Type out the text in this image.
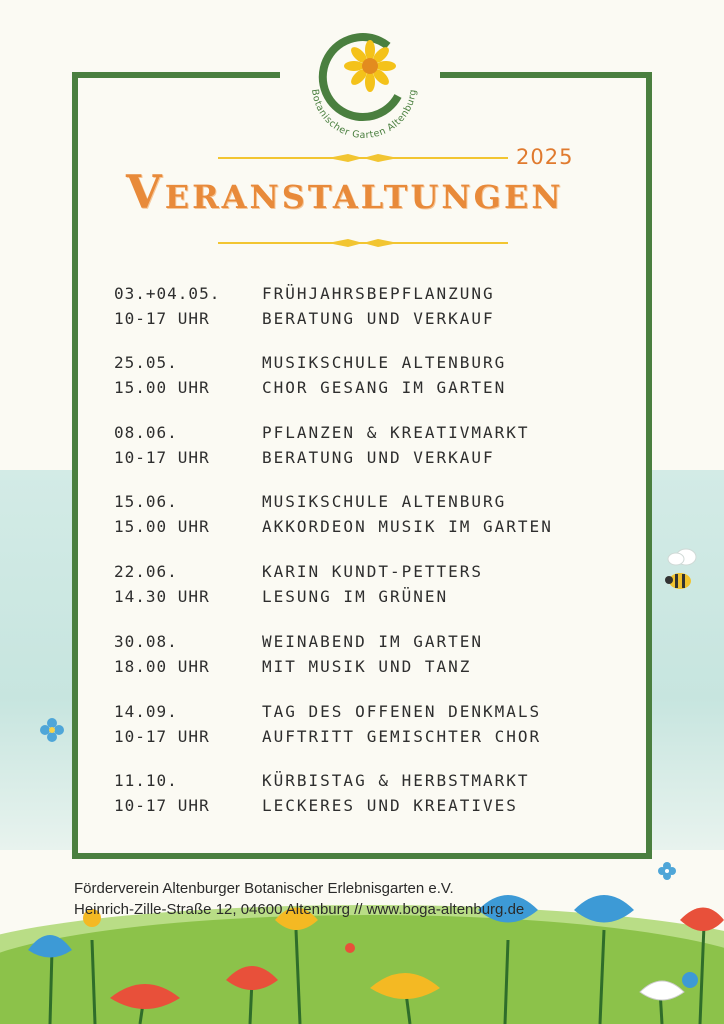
Botanischer Garten Altenburg
2025
Veranstaltungen
03.+04.05.
10-17 UHR
FRÜHJAHRSBEPFLANZUNG
BERATUNG UND VERKAUF
25.05.
15.00 UHR
MUSIKSCHULE ALTENBURG
CHOR GESANG IM GARTEN
08.06.
10-17 UHR
PFLANZEN & KREATIVMARKT
BERATUNG UND VERKAUF
15.06.
15.00 UHR
MUSIKSCHULE ALTENBURG
AKKORDEON MUSIK IM GARTEN
22.06.
14.30 UHR
KARIN KUNDT-PETTERS
LESUNG IM GRÜNEN
30.08.
18.00 UHR
WEINABEND IM GARTEN
MIT MUSIK UND TANZ
14.09.
10-17 UHR
TAG DES OFFENEN DENKMALS
AUFTRITT GEMISCHTER CHOR
11.10.
10-17 UHR
KÜRBISTAG & HERBSTMARKT
LECKERES UND KREATIVES
Förderverein Altenburger Botanischer Erlebnisgarten e.V.
Heinrich-Zille-Straße 12, 04600 Altenburg // www.boga-altenburg.de
